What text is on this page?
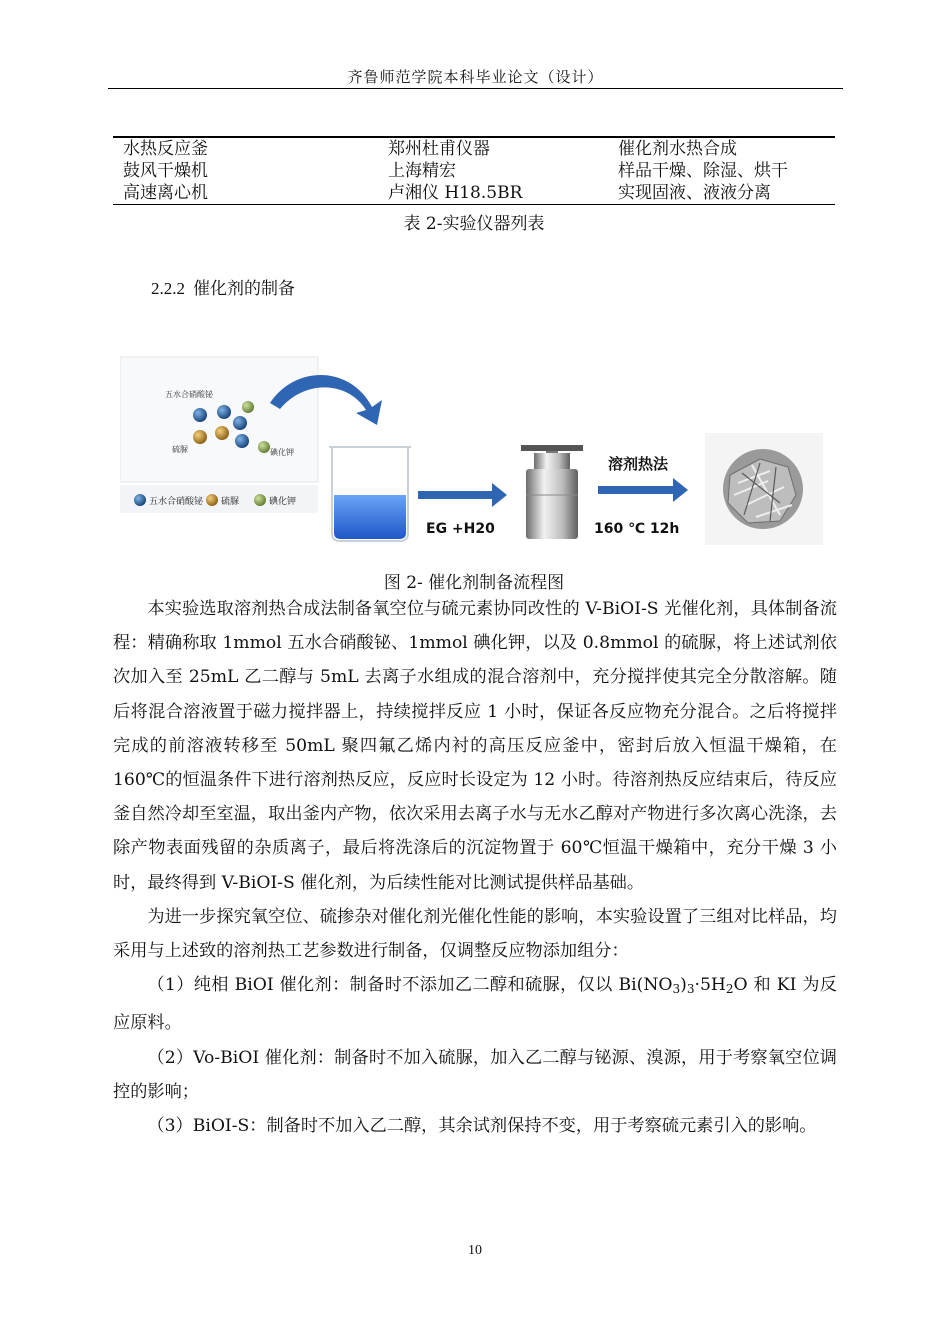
齐鲁师范学院本科毕业论文（设计）
水热反应釜	郑州杜甫仪器	催化剂水热合成
鼓风干燥机	上海精宏	样品干燥、除湿、烘干
高速离心机	卢湘仪 H18.5BR	实现固液、液液分离
表 2-实验仪器列表
2.2.2 催化剂的制备
五水合硝酸铋
硫脲	碘化钾
五水合硝酸铋 硫脲	碘化钾
EG +H20
溶剂热法
160 ℃ 12h
图 2- 催化剂制备流程图

本实验选取溶剂热合成法制备氧空位与硫元素协同改性的 V-BiOI-S 光催化剂，具体制备流程：精确称取 1mmol 五水合硝酸铋、1mmol 碘化钾，以及 0.8mmol 的硫脲，将上述试剂依次加入至 25mL 乙二醇与 5mL 去离子水组成的混合溶剂中，充分搅拌使其完全分散溶解。随后将混合溶液置于磁力搅拌器上，持续搅拌反应 1 小时，保证各反应物充分混合。之后将搅拌完成的前溶液转移至 50mL 聚四氟乙烯内衬的高压反应釜中，密封后放入恒温干燥箱，在 160℃的恒温条件下进行溶剂热反应，反应时长设定为 12 小时。待溶剂热反应结束后，待反应釜自然冷却至室温，取出釜内产物，依次采用去离子水与无水乙醇对产物进行多次离心洗涤，去除产物表面残留的杂质离子，最后将洗涤后的沉淀物置于 60℃恒温干燥箱中，充分干燥 3 小时，最终得到 V-BiOI-S 催化剂，为后续性能对比测试提供样品基础。

为进一步探究氧空位、硫掺杂对催化剂光催化性能的影响，本实验设置了三组对比样品，均采用与上述致的溶剂热工艺参数进行制备，仅调整反应物添加组分：

（1）纯相 BiOI 催化剂：制备时不添加乙二醇和硫脲，仅以 $Bi(NO_3)_3\cdot 5H_2O$ 和 KI 为反应原料。

（2）Vo-BiOI 催化剂：制备时不加入硫脲，加入乙二醇与铋源、溴源，用于考察氧空位调控的影响；

（3）BiOI-S：制备时不加入乙二醇，其余试剂保持不变，用于考察硫元素引入的影响。

10
